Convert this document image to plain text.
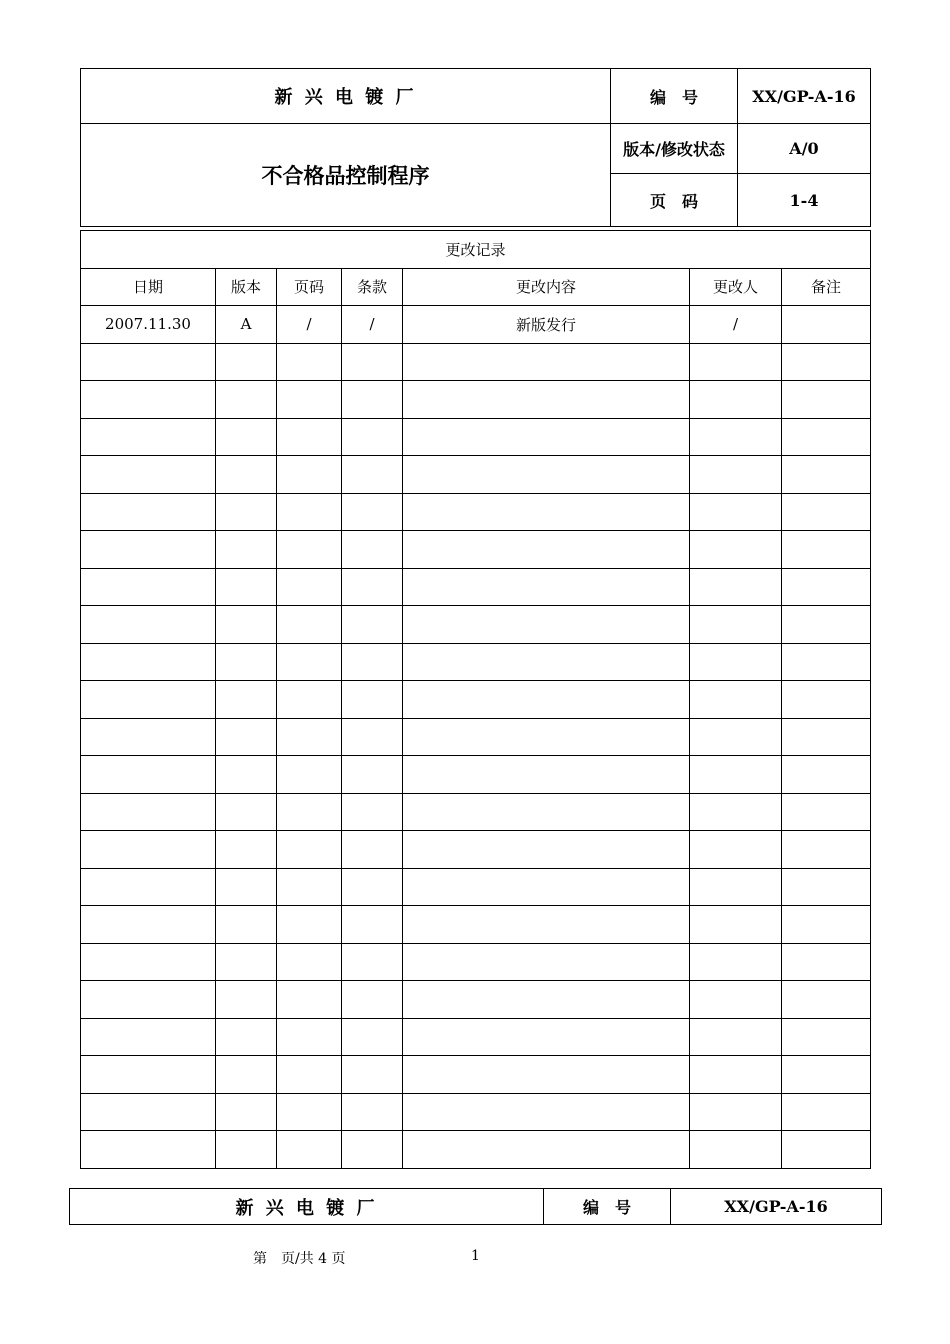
新 兴 电 镀 厂	编　号	XX/GP-A-16
不合格品控制程序	版本/修改状态	A/0
	页　码	1-4
更改记录						
日期	版本	页码	条款	更改内容	更改人	备注
2007.11.30	A	/	/	新版发行	/	

新 兴 电 镀 厂	编　号	XX/GP-A-16
第　页/共 4 页	1
